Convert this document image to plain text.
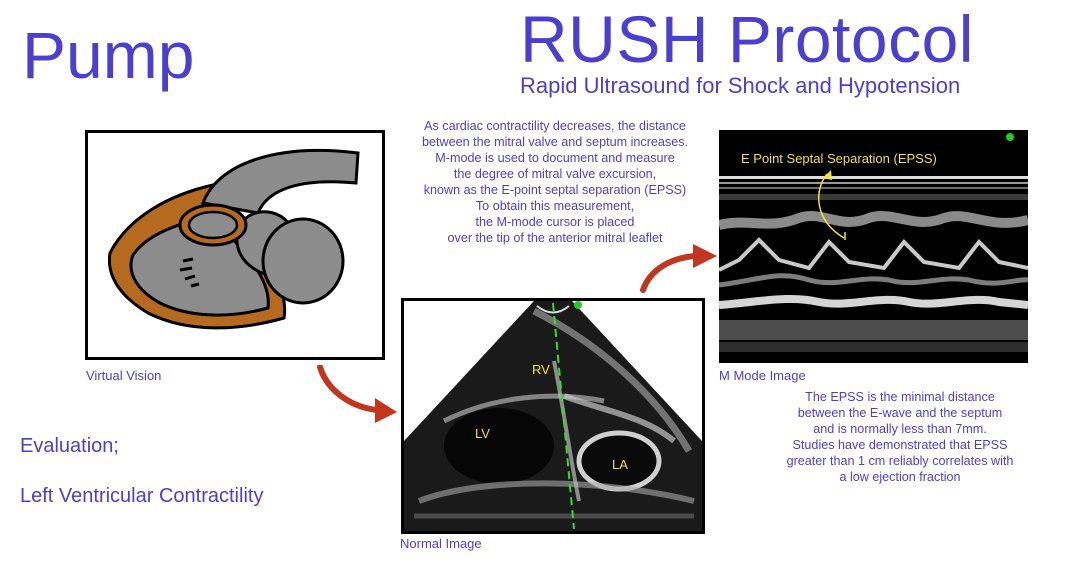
Pump	RUSH Protocol
Rapid Ultrasound for Shock and Hypotension
As cardiac contractility decreases, the distance
between the mitral valve and septum increases.
M-mode is used to document and measure
the degree of mitral valve excursion,
known as the E-point septal separation (EPSS)
To obtain this measurement,
the M-mode cursor is placed
over the tip of the anterior mitral leaflet
RV
LV
LA
E Point Septal Separation (EPSS)
Virtual Vision
Normal Image
M Mode Image
The EPSS is the minimal distance
between the E-wave and the septum
and is normally less than 7mm.
Studies have demonstrated that EPSS
greater than 1 cm reliably correlates with
a low ejection fraction
Evaluation;
Left Ventricular Contractility
